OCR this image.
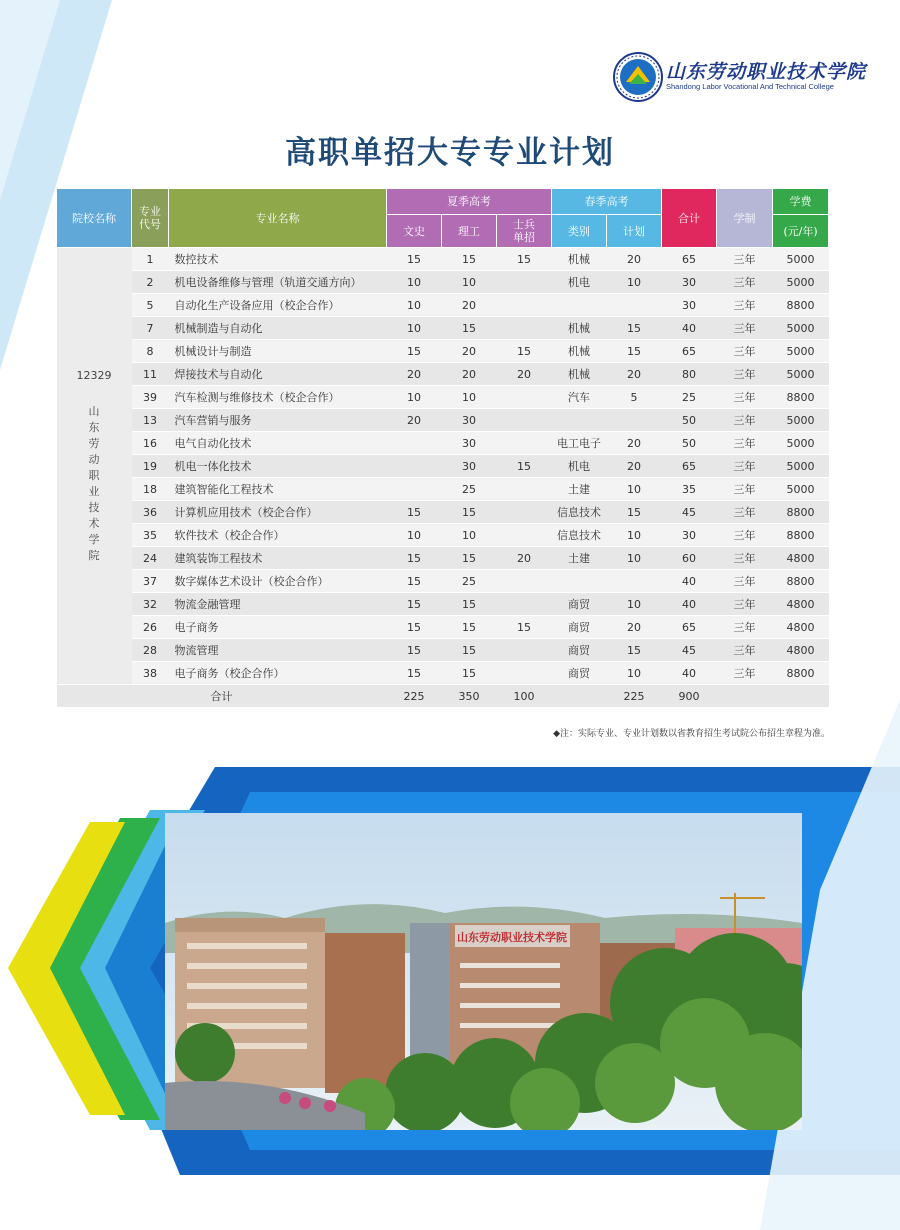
山东劳动职业技术学院
Shandong Labor Vocational And Technical College
高职单招大专专业计划
院校名称	专业代号	专业名称	夏季高考			春季高考		合计	学制	学费
			文史	理工	士兵单招	类别	计划			(元/年)

12329
山东劳动职业技术学院	1	数控技术	15	15	15	机械	20	65	三年	5000
	2	机电设备维修与管理（轨道交通方向）	10	10		机电	10	30	三年	5000
	5	自动化生产设备应用（校企合作）	10	20				30	三年	8800
	7	机械制造与自动化	10	15		机械	15	40	三年	5000
	8	机械设计与制造	15	20	15	机械	15	65	三年	5000
	11	焊接技术与自动化	20	20	20	机械	20	80	三年	5000
	39	汽车检测与维修技术（校企合作）	10	10		汽车	5	25	三年	8800
	13	汽车营销与服务	20	30				50	三年	5000
	16	电气自动化技术		30		电工电子	20	50	三年	5000
	19	机电一体化技术		30	15	机电	20	65	三年	5000
	18	建筑智能化工程技术		25		土建	10	35	三年	5000
	36	计算机应用技术（校企合作）	15	15		信息技术	15	45	三年	8800
	35	软件技术（校企合作）	10	10		信息技术	10	30	三年	8800
	24	建筑装饰工程技术	15	15	20	土建	10	60	三年	4800
	37	数字媒体艺术设计（校企合作）	15	25				40	三年	8800
	32	物流金融管理	15	15		商贸	10	40	三年	4800
	26	电子商务	15	15	15	商贸	20	65	三年	4800
	28	物流管理	15	15		商贸	15	45	三年	4800
	38	电子商务（校企合作）	15	15		商贸	10	40	三年	8800
合计			225	350	100		225	900		
◆注：实际专业、专业计划数以省教育招生考试院公布招生章程为准。
山东劳动职业技术学院
